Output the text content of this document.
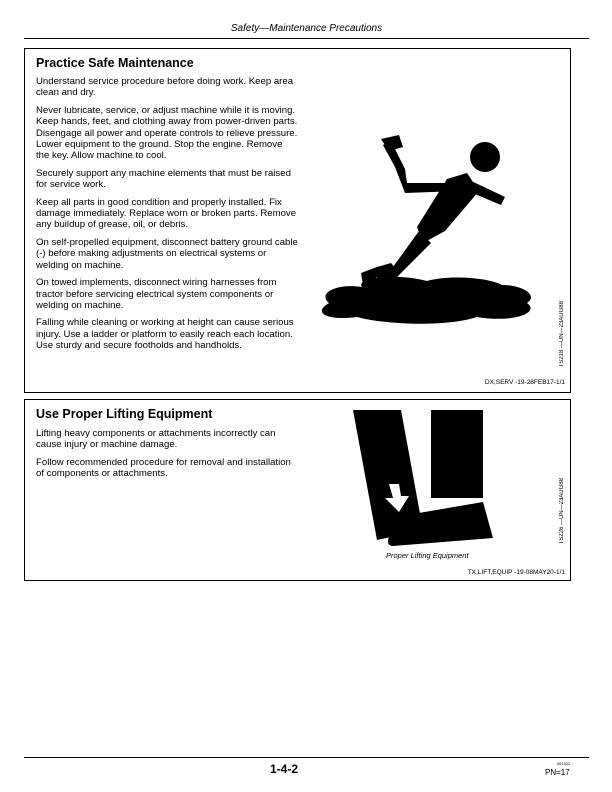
Safety—Maintenance Precautions
Practice Safe Maintenance

Understand service procedure before doing work. Keep area clean and dry.

Never lubricate, service, or adjust machine while it is moving. Keep hands, feet, and clothing away from power-driven parts. Disengage all power and operate controls to relieve pressure. Lower equipment to the ground. Stop the engine. Remove the key. Allow machine to cool.

Securely support any machine elements that must be raised for service work.

Keep all parts in good condition and properly installed. Fix damage immediately. Replace worn or broken parts. Remove any buildup of grease, oil, or debris.

On self-propelled equipment, disconnect battery ground cable (-) before making adjustments on electrical systems or welding on machine.

On towed implements, disconnect wiring harnesses from tractor before servicing electrical system components or welding on machine.

Falling while cleaning or working at height can cause serious injury. Use a ladder or platform to easily reach each location. Use sturdy and secure footholds and handholds.	TS218 —UN—23AUG88
DX,SERV -19-28FEB17-1/1
Use Proper Lifting Equipment

Lifting heavy components or attachments incorrectly can cause injury or machine damage.

Follow recommended procedure for removal and installation of components or attachments.

TS226 —UN—23AUG88
Proper Lifting Equipment
TX,LIFT,EQUIP -19-08MAY20-1/1
1-4-2	061522
PN=17
